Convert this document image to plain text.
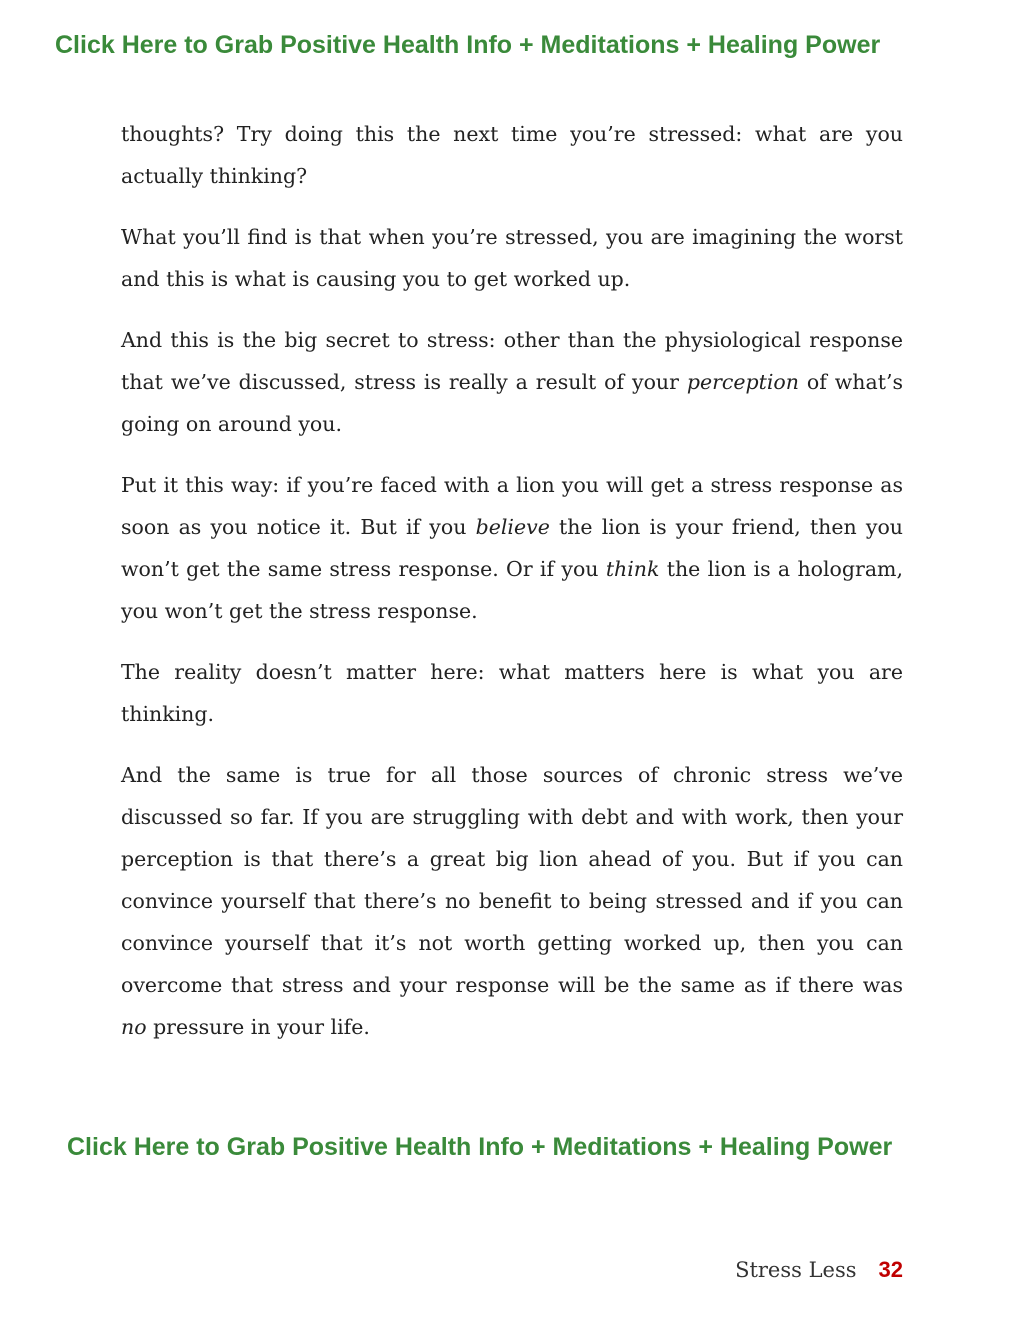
Click Here to Grab Positive Health Info + Meditations + Healing Power

thoughts? Try doing this the next time you’re stressed: what are you actually thinking?

What you’ll find is that when you’re stressed, you are imagining the worst and this is what is causing you to get worked up.

And this is the big secret to stress: other than the physiological response that we’ve discussed, stress is really a result of your perception of what’s going on around you.

Put it this way: if you’re faced with a lion you will get a stress response as soon as you notice it. But if you believe the lion is your friend, then you won’t get the same stress response. Or if you think the lion is a hologram, you won’t get the stress response.

The reality doesn’t matter here: what matters here is what you are thinking.

And the same is true for all those sources of chronic stress we’ve discussed so far. If you are struggling with debt and with work, then your perception is that there’s a great big lion ahead of you. But if you can convince yourself that there’s no benefit to being stressed and if you can convince yourself that it’s not worth getting worked up, then you can overcome that stress and your response will be the same as if there was no pressure in your life.

Click Here to Grab Positive Health Info + Meditations + Healing Power
Stress Less 32
